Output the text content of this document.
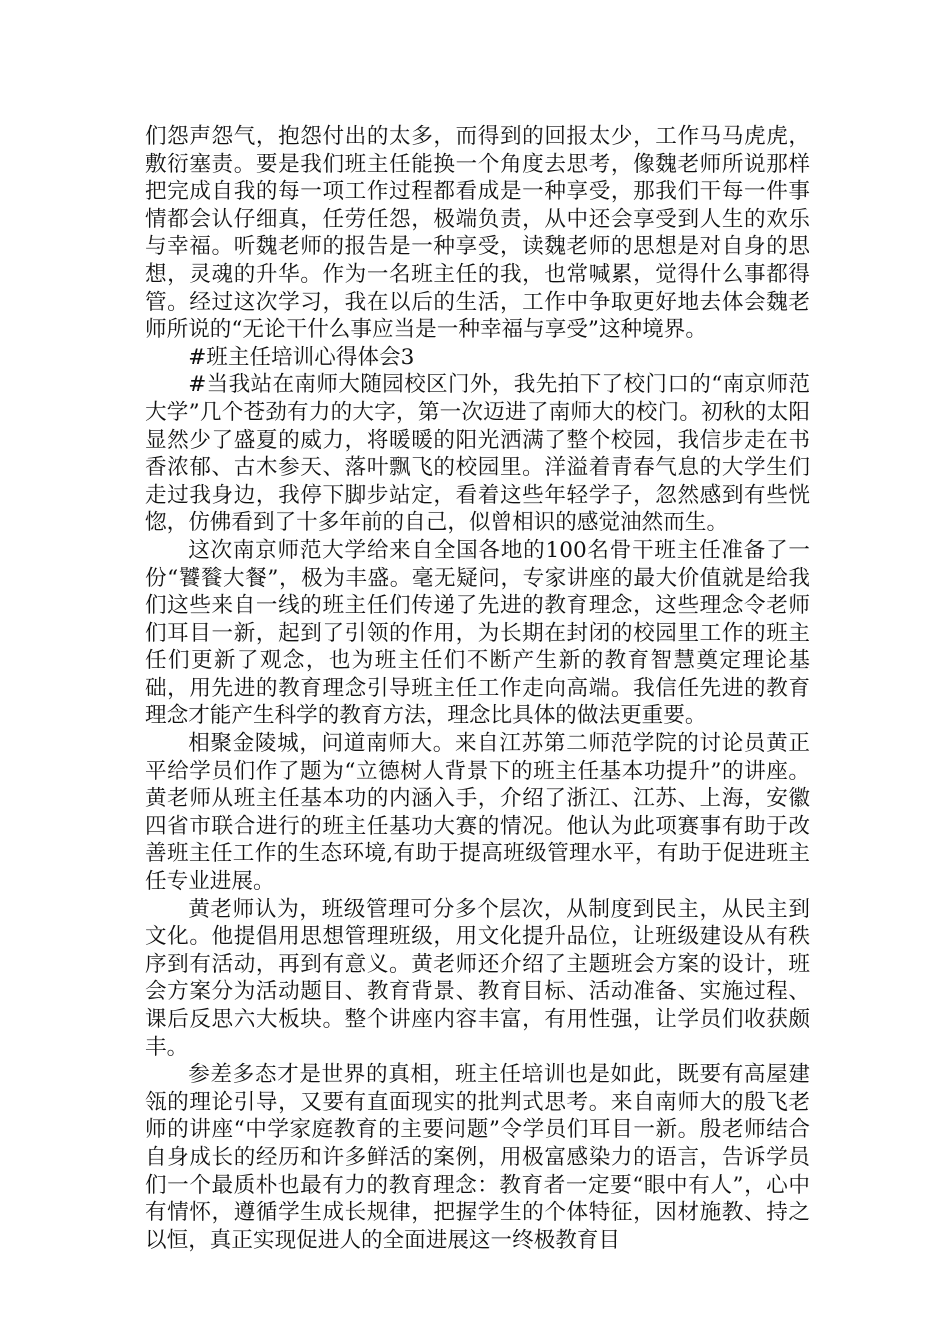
们怨声怨气，抱怨付出的太多，而得到的回报太少，工作马马虎虎，敷衍塞责。要是我们班主任能换一个角度去思考，像魏老师所说那样把完成自我的每一项工作过程都看成是一种享受，那我们干每一件事情都会认仔细真，任劳任怨，极端负责，从中还会享受到人生的欢乐与幸福。听魏老师的报告是一种享受，读魏老师的思想是对自身的思想，灵魂的升华。作为一名班主任的我，也常喊累，觉得什么事都得管。经过这次学习，我在以后的生活，工作中争取更好地去体会魏老师所说的“无论干什么事应当是一种幸福与享受”这种境界。

#班主任培训心得体会3

#当我站在南师大随园校区门外，我先拍下了校门口的“南京师范大学”几个苍劲有力的大字，第一次迈进了南师大的校门。初秋的太阳显然少了盛夏的威力，将暖暖的阳光洒满了整个校园，我信步走在书香浓郁、古木参天、落叶飘飞的校园里。洋溢着青春气息的大学生们走过我身边，我停下脚步站定，看着这些年轻学子，忽然感到有些恍惚，仿佛看到了十多年前的自己，似曾相识的感觉油然而生。

这次南京师范大学给来自全国各地的100名骨干班主任准备了一份“饕餮大餐”，极为丰盛。毫无疑问，专家讲座的最大价值就是给我们这些来自一线的班主任们传递了先进的教育理念，这些理念令老师们耳目一新，起到了引领的作用，为长期在封闭的校园里工作的班主任们更新了观念，也为班主任们不断产生新的教育智慧奠定理论基础，用先进的教育理念引导班主任工作走向高端。我信任先进的教育理念才能产生科学的教育方法，理念比具体的做法更重要。

相聚金陵城，问道南师大。来自江苏第二师范学院的讨论员黄正平给学员们作了题为“立德树人背景下的班主任基本功提升”的讲座。黄老师从班主任基本功的内涵入手，介绍了浙江、江苏、上海，安徽四省市联合进行的班主任基功大赛的情况。他认为此项赛事有助于改善班主任工作的生态环境,有助于提高班级管理水平，有助于促进班主任专业进展。

黄老师认为，班级管理可分多个层次，从制度到民主，从民主到文化。他提倡用思想管理班级，用文化提升品位，让班级建设从有秩序到有活动，再到有意义。黄老师还介绍了主题班会方案的设计，班会方案分为活动题目、教育背景、教育目标、活动准备、实施过程、课后反思六大板块。整个讲座内容丰富，有用性强，让学员们收获颇丰。

参差多态才是世界的真相，班主任培训也是如此，既要有高屋建瓴的理论引导，又要有直面现实的批判式思考。来自南师大的殷飞老师的讲座“中学家庭教育的主要问题”令学员们耳目一新。殷老师结合自身成长的经历和许多鲜活的案例，用极富感染力的语言，告诉学员们一个最质朴也最有力的教育理念：教育者一定要“眼中有人”，心中有情怀，遵循学生成长规律，把握学生的个体特征，因材施教、持之以恒，真正实现促进人的全面进展这一终极教育目
